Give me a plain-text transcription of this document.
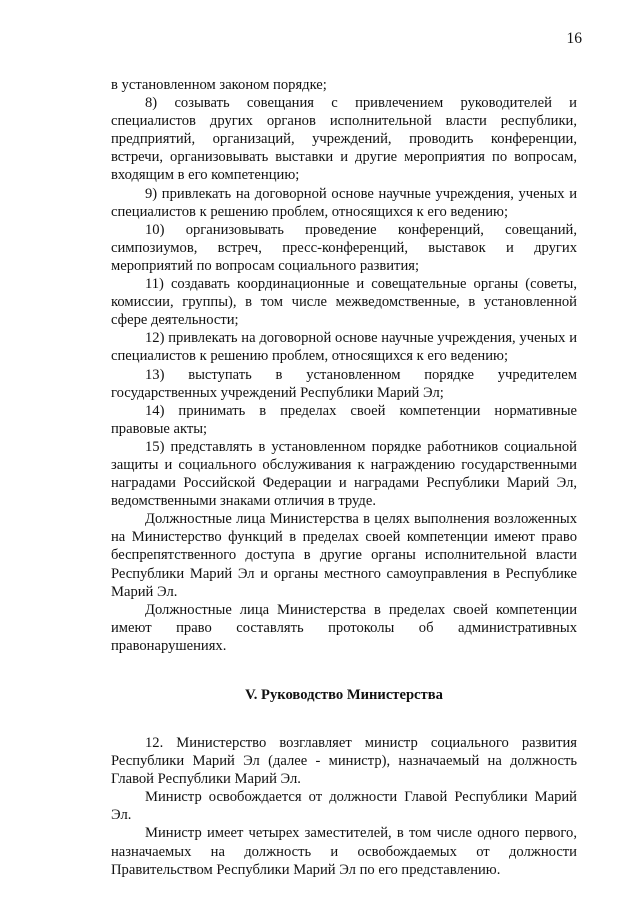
16

в установленном законом порядке;

8) созывать совещания с привлечением руководителей и специалистов других органов исполнительной власти республики, предприятий, организаций, учреждений, проводить конференции, встречи, организовывать выставки и другие мероприятия по вопросам, входящим в его компетенцию;

9) привлекать на договорной основе научные учреждения, ученых и специалистов к решению проблем, относящихся к его ведению;

10) организовывать проведение конференций, совещаний, симпозиумов, встреч, пресс-конференций, выставок и других мероприятий по вопросам социального развития;

11) создавать координационные и совещательные органы (советы, комиссии, группы), в том числе межведомственные, в установленной сфере деятельности;

12) привлекать на договорной основе научные учреждения, ученых и специалистов к решению проблем, относящихся к его ведению;

13) выступать в установленном порядке учредителем государственных учреждений Республики Марий Эл;

14) принимать в пределах своей компетенции нормативные правовые акты;

15) представлять в установленном порядке работников социальной защиты и социального обслуживания к награждению государственными наградами Российской Федерации и наградами Республики Марий Эл, ведомственными знаками отличия в труде.

Должностные лица Министерства в целях выполнения возложенных на Министерство функций в пределах своей компетенции имеют право беспрепятственного доступа в другие органы исполнительной власти Республики Марий Эл и органы местного самоуправления в Республике Марий Эл.

Должностные лица Министерства в пределах своей компетенции имеют право составлять протоколы об административных правонарушениях.

V. Руководство Министерства

12. Министерство возглавляет министр социального развития Республики Марий Эл (далее - министр), назначаемый на должность Главой Республики Марий Эл.

Министр освобождается от должности Главой Республики Марий Эл.

Министр имеет четырех заместителей, в том числе одного первого, назначаемых на должность и освобождаемых от должности Правительством Республики Марий Эл по его представлению.
